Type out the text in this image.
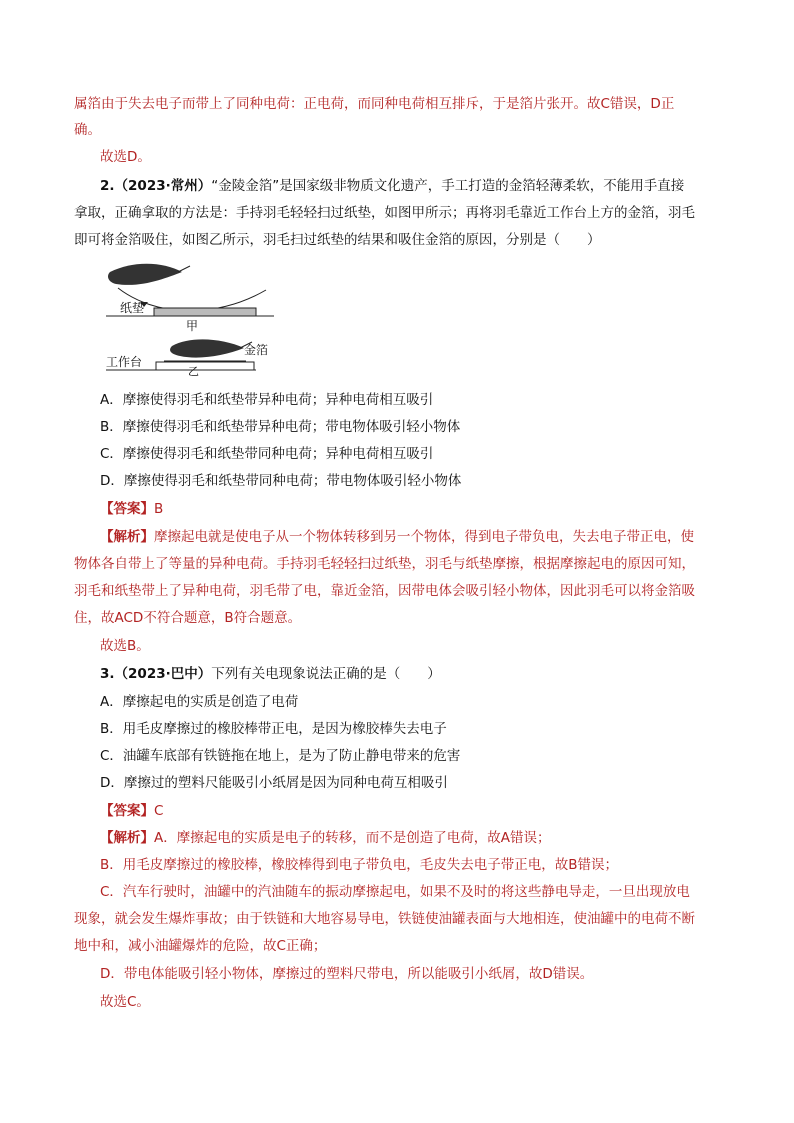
属箔由于失去电子而带上了同种电荷：正电荷，而同种电荷相互排斥，于是箔片张开。故C错误，D正
确。
故选D。
2.（2023·常州）“金陵金箔”是国家级非物质文化遗产，手工打造的金箔轻薄柔软，不能用手直接
拿取，正确拿取的方法是：手持羽毛轻轻扫过纸垫，如图甲所示；再将羽毛靠近工作台上方的金箔，羽毛
即可将金箔吸住，如图乙所示，羽毛扫过纸垫的结果和吸住金箔的原因，分别是（　　）
纸垫
甲
工作台
金箔
乙
A．摩擦使得羽毛和纸垫带异种电荷；异种电荷相互吸引
B．摩擦使得羽毛和纸垫带异种电荷；带电物体吸引轻小物体
C．摩擦使得羽毛和纸垫带同种电荷；异种电荷相互吸引
D．摩擦使得羽毛和纸垫带同种电荷；带电物体吸引轻小物体
【答案】B
【解析】摩擦起电就是使电子从一个物体转移到另一个物体，得到电子带负电，失去电子带正电，使
物体各自带上了等量的异种电荷。手持羽毛轻轻扫过纸垫，羽毛与纸垫摩擦，根据摩擦起电的原因可知，
羽毛和纸垫带上了异种电荷，羽毛带了电，靠近金箔，因带电体会吸引轻小物体，因此羽毛可以将金箔吸
住，故ACD不符合题意，B符合题意。
故选B。
3.（2023·巴中）下列有关电现象说法正确的是（　　）
A．摩擦起电的实质是创造了电荷
B．用毛皮摩擦过的橡胶棒带正电，是因为橡胶棒失去电子
C．油罐车底部有铁链拖在地上，是为了防止静电带来的危害
D．摩擦过的塑料尺能吸引小纸屑是因为同种电荷互相吸引
【答案】C
【解析】A．摩擦起电的实质是电子的转移，而不是创造了电荷，故A错误；
B．用毛皮摩擦过的橡胶棒，橡胶棒得到电子带负电，毛皮失去电子带正电，故B错误；
C．汽车行驶时，油罐中的汽油随车的振动摩擦起电，如果不及时的将这些静电导走，一旦出现放电
现象，就会发生爆炸事故；由于铁链和大地容易导电，铁链使油罐表面与大地相连，使油罐中的电荷不断
地中和，减小油罐爆炸的危险，故C正确；
D．带电体能吸引轻小物体，摩擦过的塑料尺带电，所以能吸引小纸屑，故D错误。
故选C。
